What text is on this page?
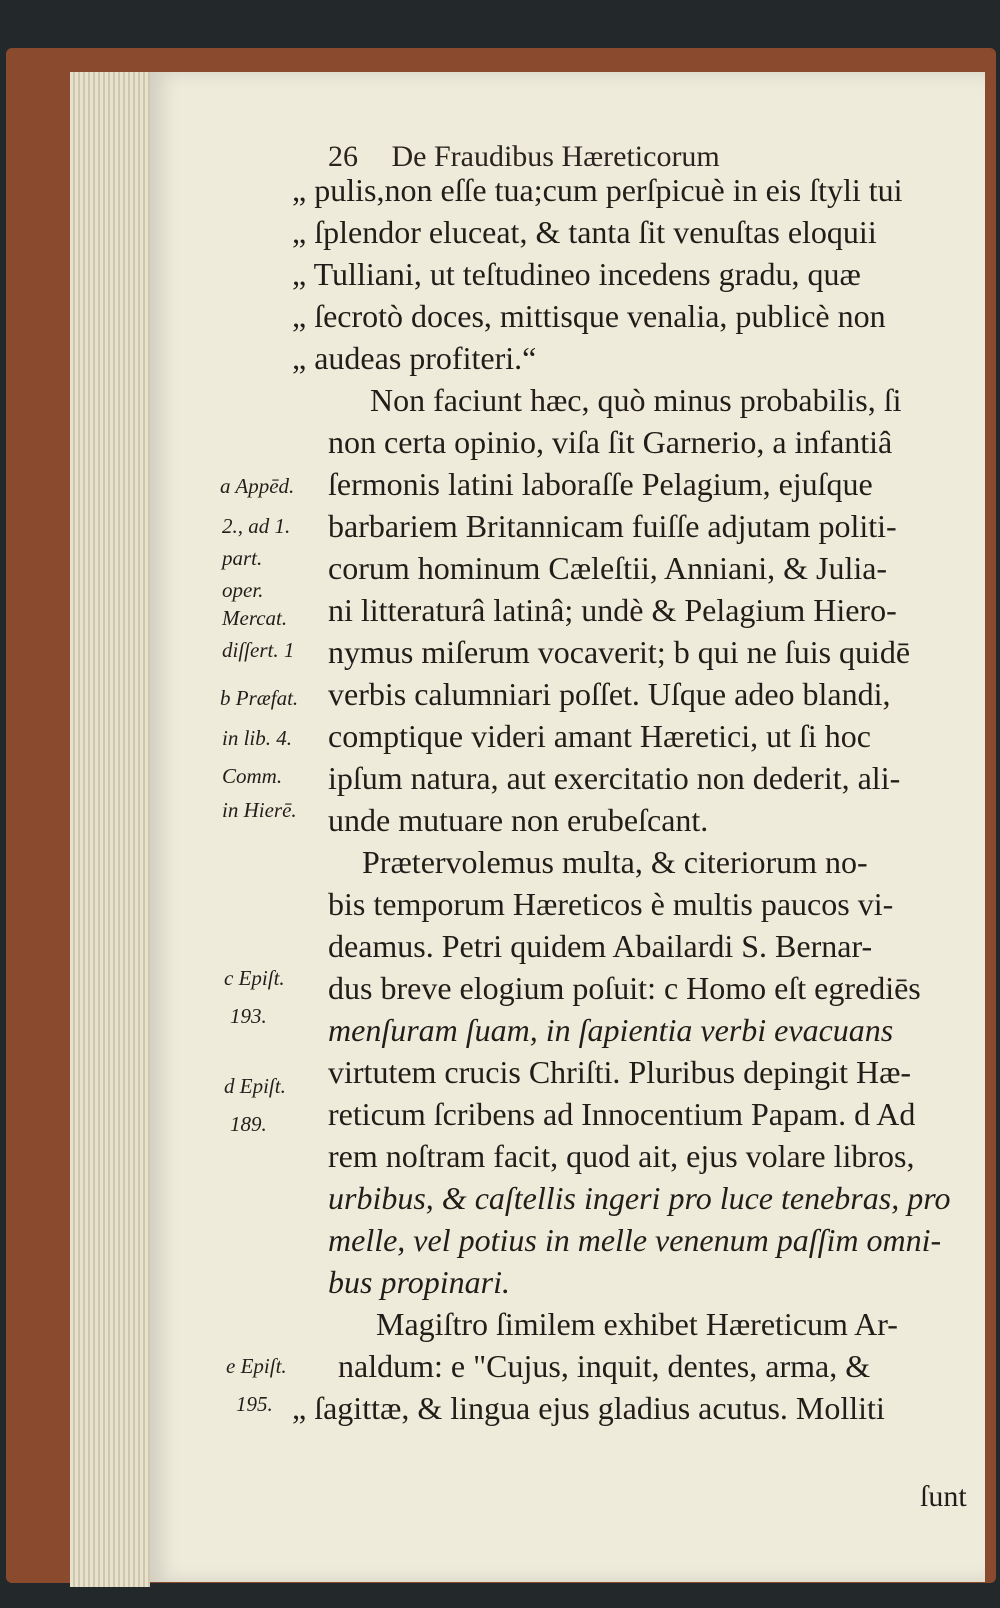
26 De Fraudibus Hæreticorum
„ pulis,non eſſe tua;cum perſpicuè in eis ſtyli tui
„ ſplendor eluceat, & tanta ſit venuſtas eloquii
„ Tulliani, ut teſtudineo incedens gradu, quæ
„ ſecrotò doces, mittisque venalia, publicè non
„ audeas profiteri.“
Non faciunt hæc, quò minus probabilis, ſi
non certa opinio, viſa ſit Garnerio, a infantiâ
ſermonis latini laboraſſe Pelagium, ejuſque
barbariem Britannicam fuiſſe adjutam politi-
corum hominum Cæleſtii, Anniani, & Julia-
ni litteraturâ latinâ; undè & Pelagium Hiero-
nymus miſerum vocaverit; b qui ne ſuis quidē
verbis calumniari poſſet. Uſque adeo blandi,
comptique videri amant Hæretici, ut ſi hoc
ipſum natura, aut exercitatio non dederit, ali-
unde mutuare non erubeſcant.
Prætervolemus multa, & citeriorum no-
bis temporum Hæreticos è multis paucos vi-
deamus. Petri quidem Abailardi S. Bernar-
dus breve elogium poſuit: c Homo eſt egrediēs
menſuram ſuam, in ſapientia verbi evacuans
virtutem crucis Chriſti. Pluribus depingit Hæ-
reticum ſcribens ad Innocentium Papam. d Ad
rem noſtram facit, quod ait, ejus volare libros,
urbibus, & caſtellis ingeri pro luce tenebras, pro
melle, vel potius in melle venenum paſſim omni-
bus propinari.
Magiſtro ſimilem exhibet Hæreticum Ar-
naldum: e "Cujus, inquit, dentes, arma, &
„ ſagittæ, & lingua ejus gladius acutus. Molliti
a Appēd.
2., ad 1.
part.
oper.
Mercat.
diſſert. 1
b Præfat.
in lib. 4.
Comm.
in Hierē.
c Epiſt.
193.
d Epiſt.
189.
e Epiſt.
195.
ſunt
